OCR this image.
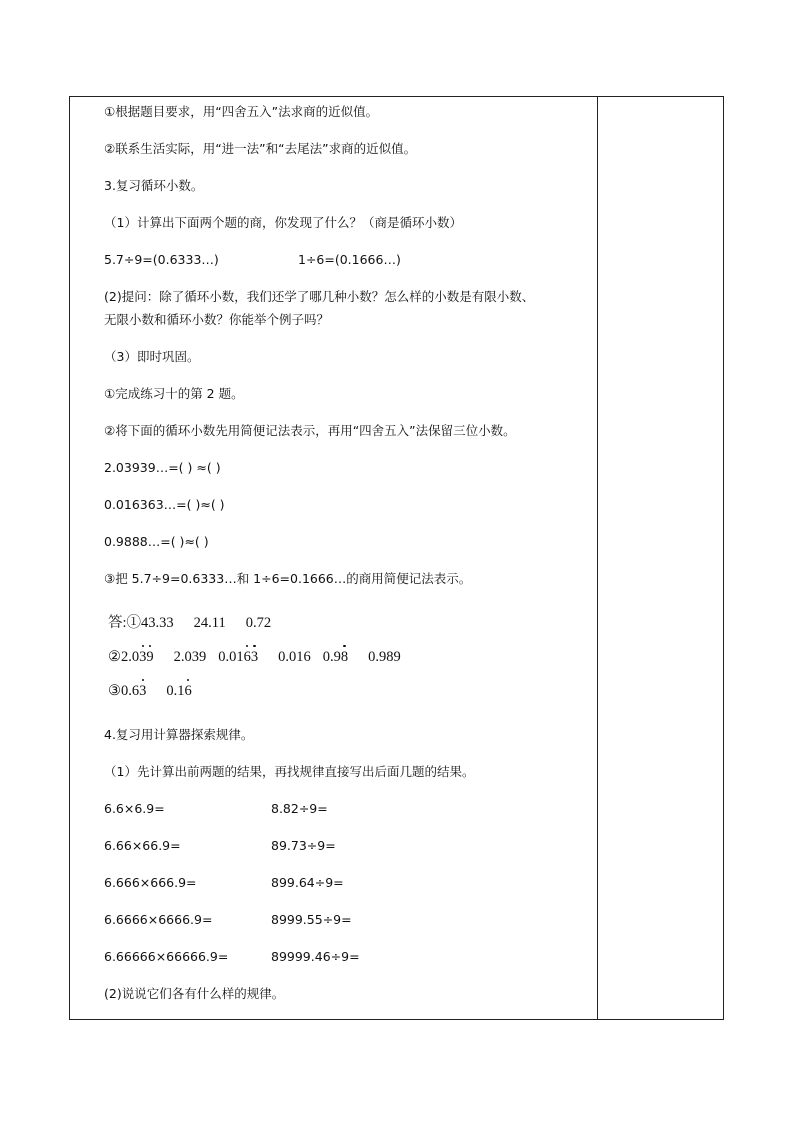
①根据题目要求，用“四舍五入”法求商的近似值。
②联系生活实际，用“进一法”和“去尾法”求商的近似值。
3.复习循环小数。
（1）计算出下面两个题的商，你发现了什么？（商是循环小数）
5.7÷9=(0.6333…)	1÷6=(0.1666…)
(2)提问：除了循环小数，我们还学了哪几种小数？怎么样的小数是有限小数、
无限小数和循环小数？你能举个例子吗？
（3）即时巩固。
①完成练习十的第 2 题。
②将下面的循环小数先用简便记法表示，再用“四舍五入”法保留三位小数。
2.03939…=( ) ≈( )
0.016363…=( )≈( )
0.9888…=( )≈( )
③把 5.7÷9=0.6333…和 1÷6=0.1666…的商用简便记法表示。
答:①43.33 24.11 0.72
②2.039 2.039 0.0163 0.016 0.98 0.989
③0.63 0.16
4.复习用计算器探索规律。
（1）先计算出前两题的结果，再找规律直接写出后面几题的结果。
6.6×6.9=	8.82÷9=
6.66×66.9=	89.73÷9=
6.666×666.9=	899.64÷9=
6.6666×6666.9=	8999.55÷9=
6.66666×66666.9=	89999.46÷9=
(2)说说它们各有什么样的规律。
